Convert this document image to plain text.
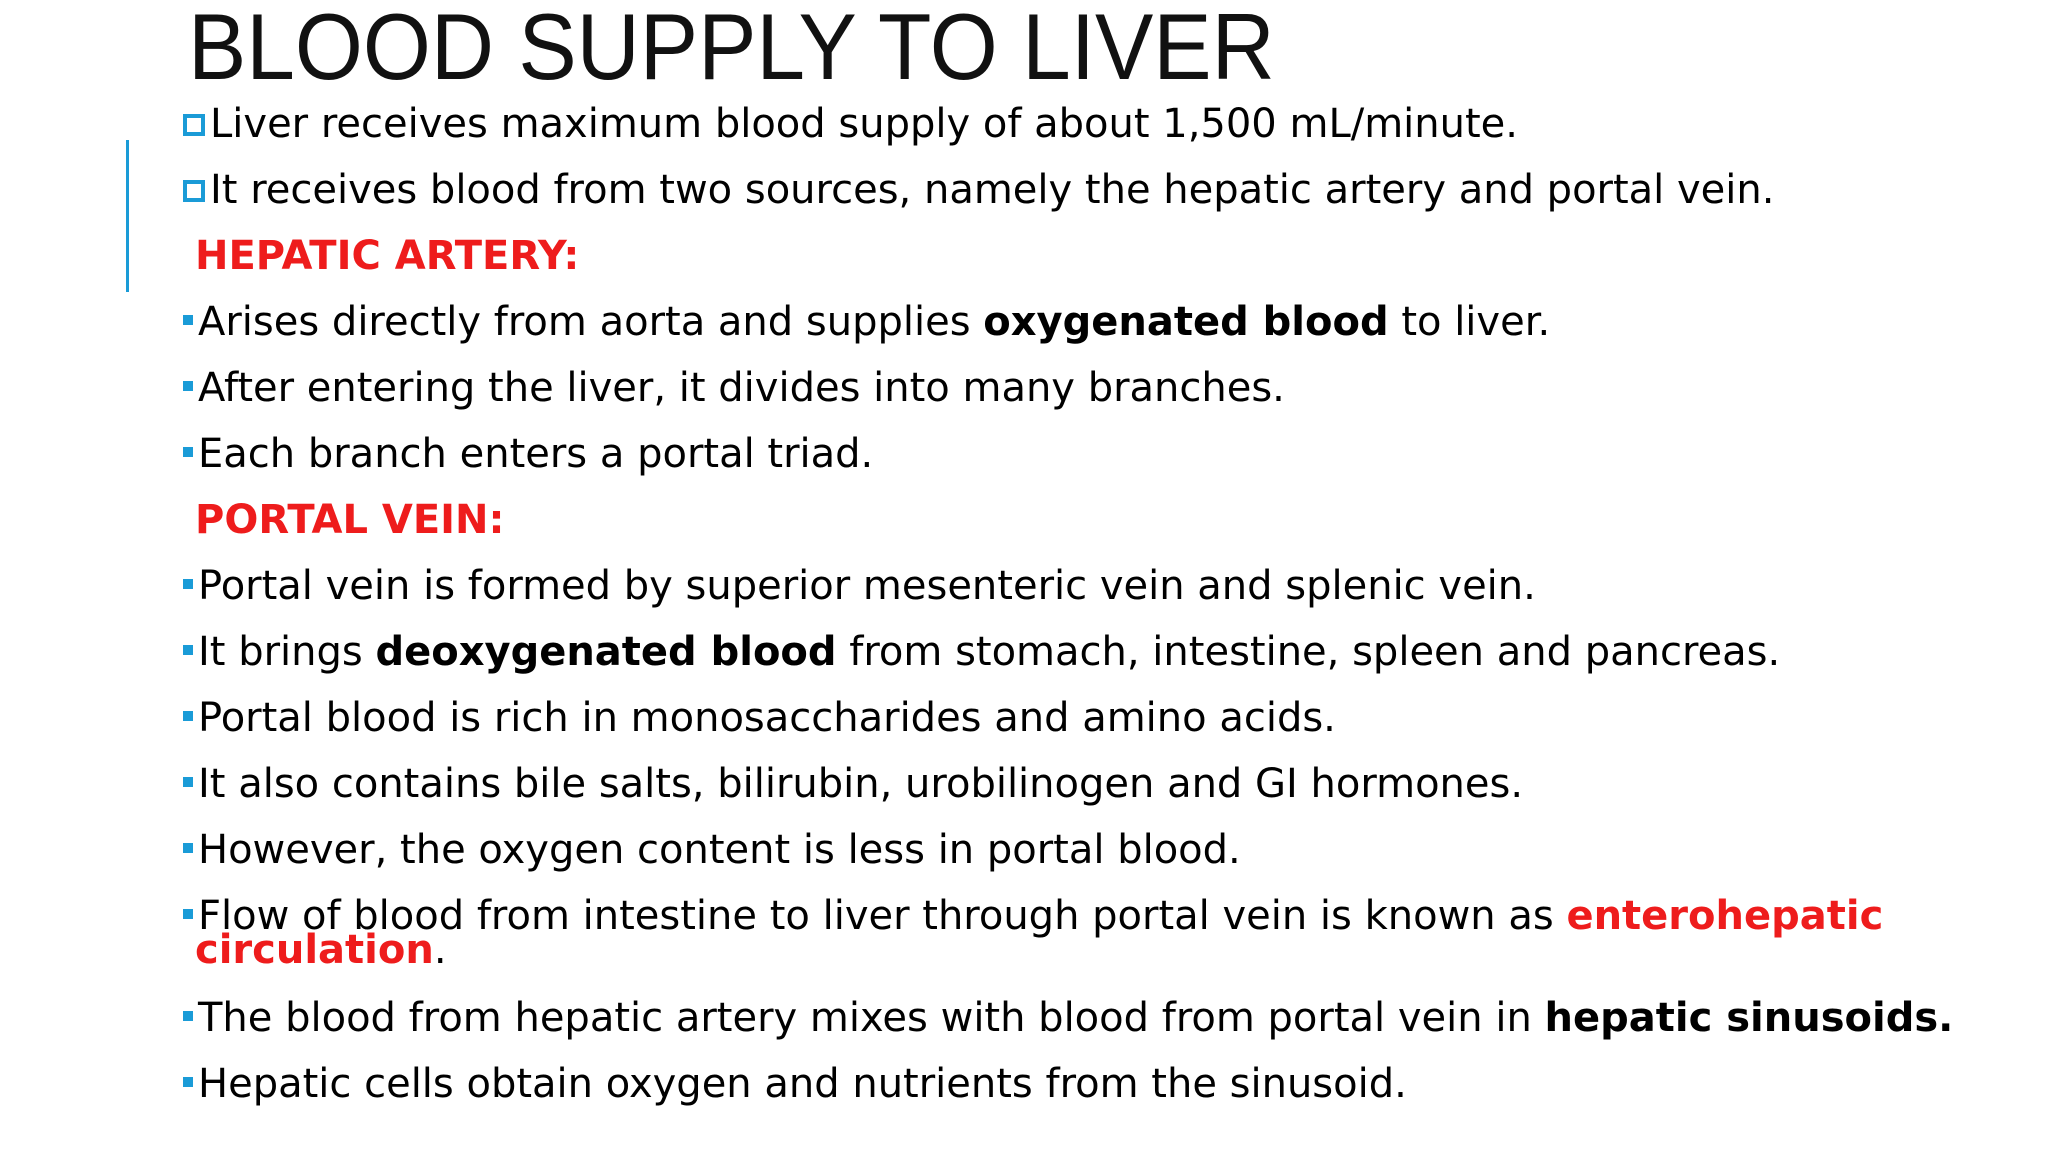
BLOOD SUPPLY TO LIVER
Liver receives maximum blood supply of about 1,500 mL/minute.
It receives blood from two sources, namely the hepatic artery and portal vein.
HEPATIC ARTERY:
Arises directly from aorta and supplies oxygenated blood to liver.
After entering the liver, it divides into many branches.
Each branch enters a portal triad.
PORTAL VEIN:
Portal vein is formed by superior mesenteric vein and splenic vein.
It brings deoxygenated blood from stomach, intestine, spleen and pancreas.
Portal blood is rich in monosaccharides and amino acids.
It also contains bile salts, bilirubin, urobilinogen and GI hormones.
However, the oxygen content is less in portal blood.
Flow of blood from intestine to liver through portal vein is known as enterohepatic
circulation.
The blood from hepatic artery mixes with blood from portal vein in hepatic sinusoids.
Hepatic cells obtain oxygen and nutrients from the sinusoid.
